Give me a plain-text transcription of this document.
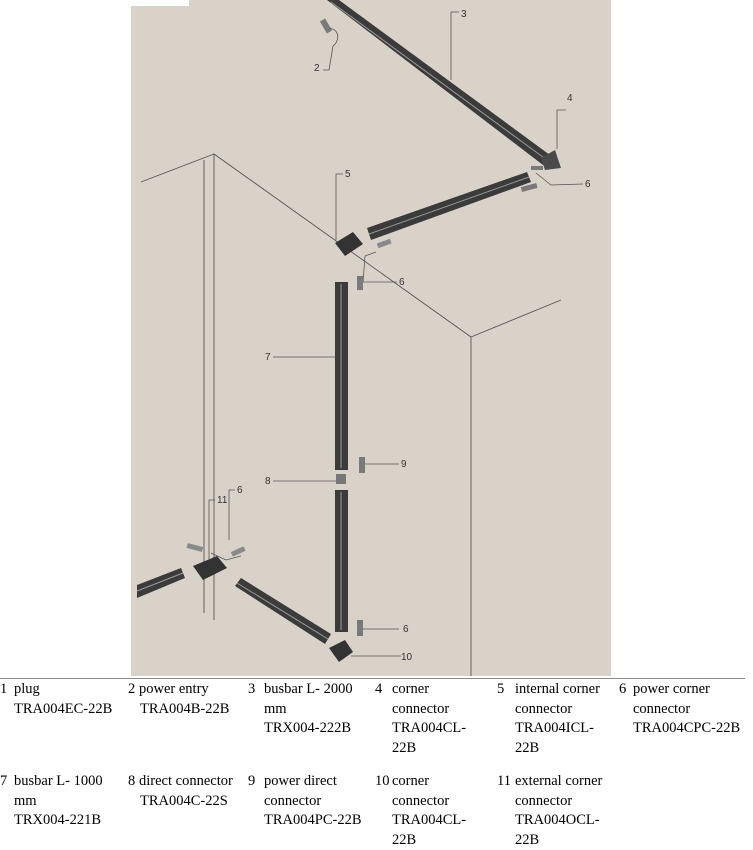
3
2
4
6
5
6
7
9
8
11
6
6
10
1 plug
TRA004EC-22B
2 power entry
TRA004B-22B
3 busbar L- 2000 mm
TRX004-222B
4 corner connector
TRA004CL-22B
5 internal corner connector
TRA004ICL-22B
6 power corner connector
TRA004CPC-22B
7 busbar L- 1000 mm
TRX004-221B
8 direct connector
TRA004C-22S
9 power direct connector
TRA004PC-22B
10 corner connector
TRA004CL-22B
11 external corner connector
TRA004OCL-22B
